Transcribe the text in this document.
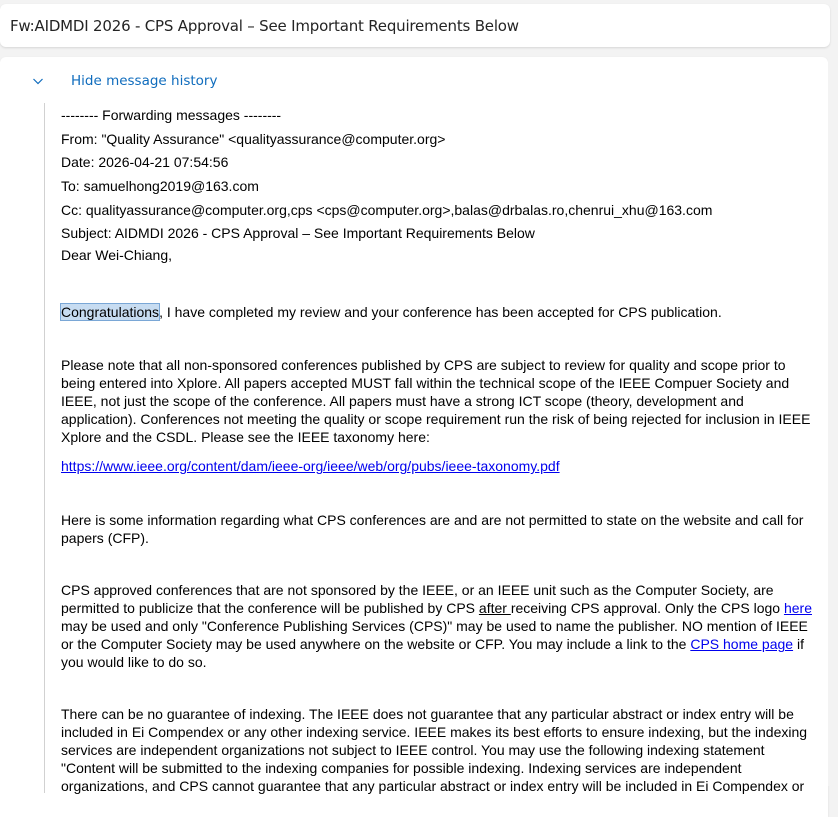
Fw:AIDMDI 2026 - CPS Approval – See Important Requirements Below
Hide message history
-------- Forwarding messages --------
From: "Quality Assurance" <qualityassurance@computer.org>
Date: 2026-04-21 07:54:56
To: samuelhong2019@163.com
Cc: qualityassurance@computer.org,cps <cps@computer.org>,balas@drbalas.ro,chenrui_xhu@163.com
Subject: AIDMDI 2026 - CPS Approval – See Important Requirements Below

Dear Wei-Chiang,

Congratulations, I have completed my review and your conference has been accepted for CPS publication.

Please note that all non-sponsored conferences published by CPS are subject to review for quality and scope prior to being entered into Xplore. All papers accepted MUST fall within the technical scope of the IEEE Compuer Society and IEEE, not just the scope of the conference. All papers must have a strong ICT scope (theory, development and application). Conferences not meeting the quality or scope requirement run the risk of being rejected for inclusion in IEEE Xplore and the CSDL. Please see the IEEE taxonomy here:

https://www.ieee.org/content/dam/ieee-org/ieee/web/org/pubs/ieee-taxonomy.pdf

Here is some information regarding what CPS conferences are and are not permitted to state on the website and call for papers (CFP).

CPS approved conferences that are not sponsored by the IEEE, or an IEEE unit such as the Computer Society, are permitted to publicize that the conference will be published by CPS after receiving CPS approval. Only the CPS logo here may be used and only "Conference Publishing Services (CPS)" may be used to name the publisher. NO mention of IEEE or the Computer Society may be used anywhere on the website or CFP. You may include a link to the CPS home page if you would like to do so.

There can be no guarantee of indexing. The IEEE does not guarantee that any particular abstract or index entry will be included in Ei Compendex or any other indexing service. IEEE makes its best efforts to ensure indexing, but the indexing services are independent organizations not subject to IEEE control. You may use the following indexing statement "Content will be submitted to the indexing companies for possible indexing. Indexing services are independent organizations, and CPS cannot guarantee that any particular abstract or index entry will be included in Ei Compendex or
